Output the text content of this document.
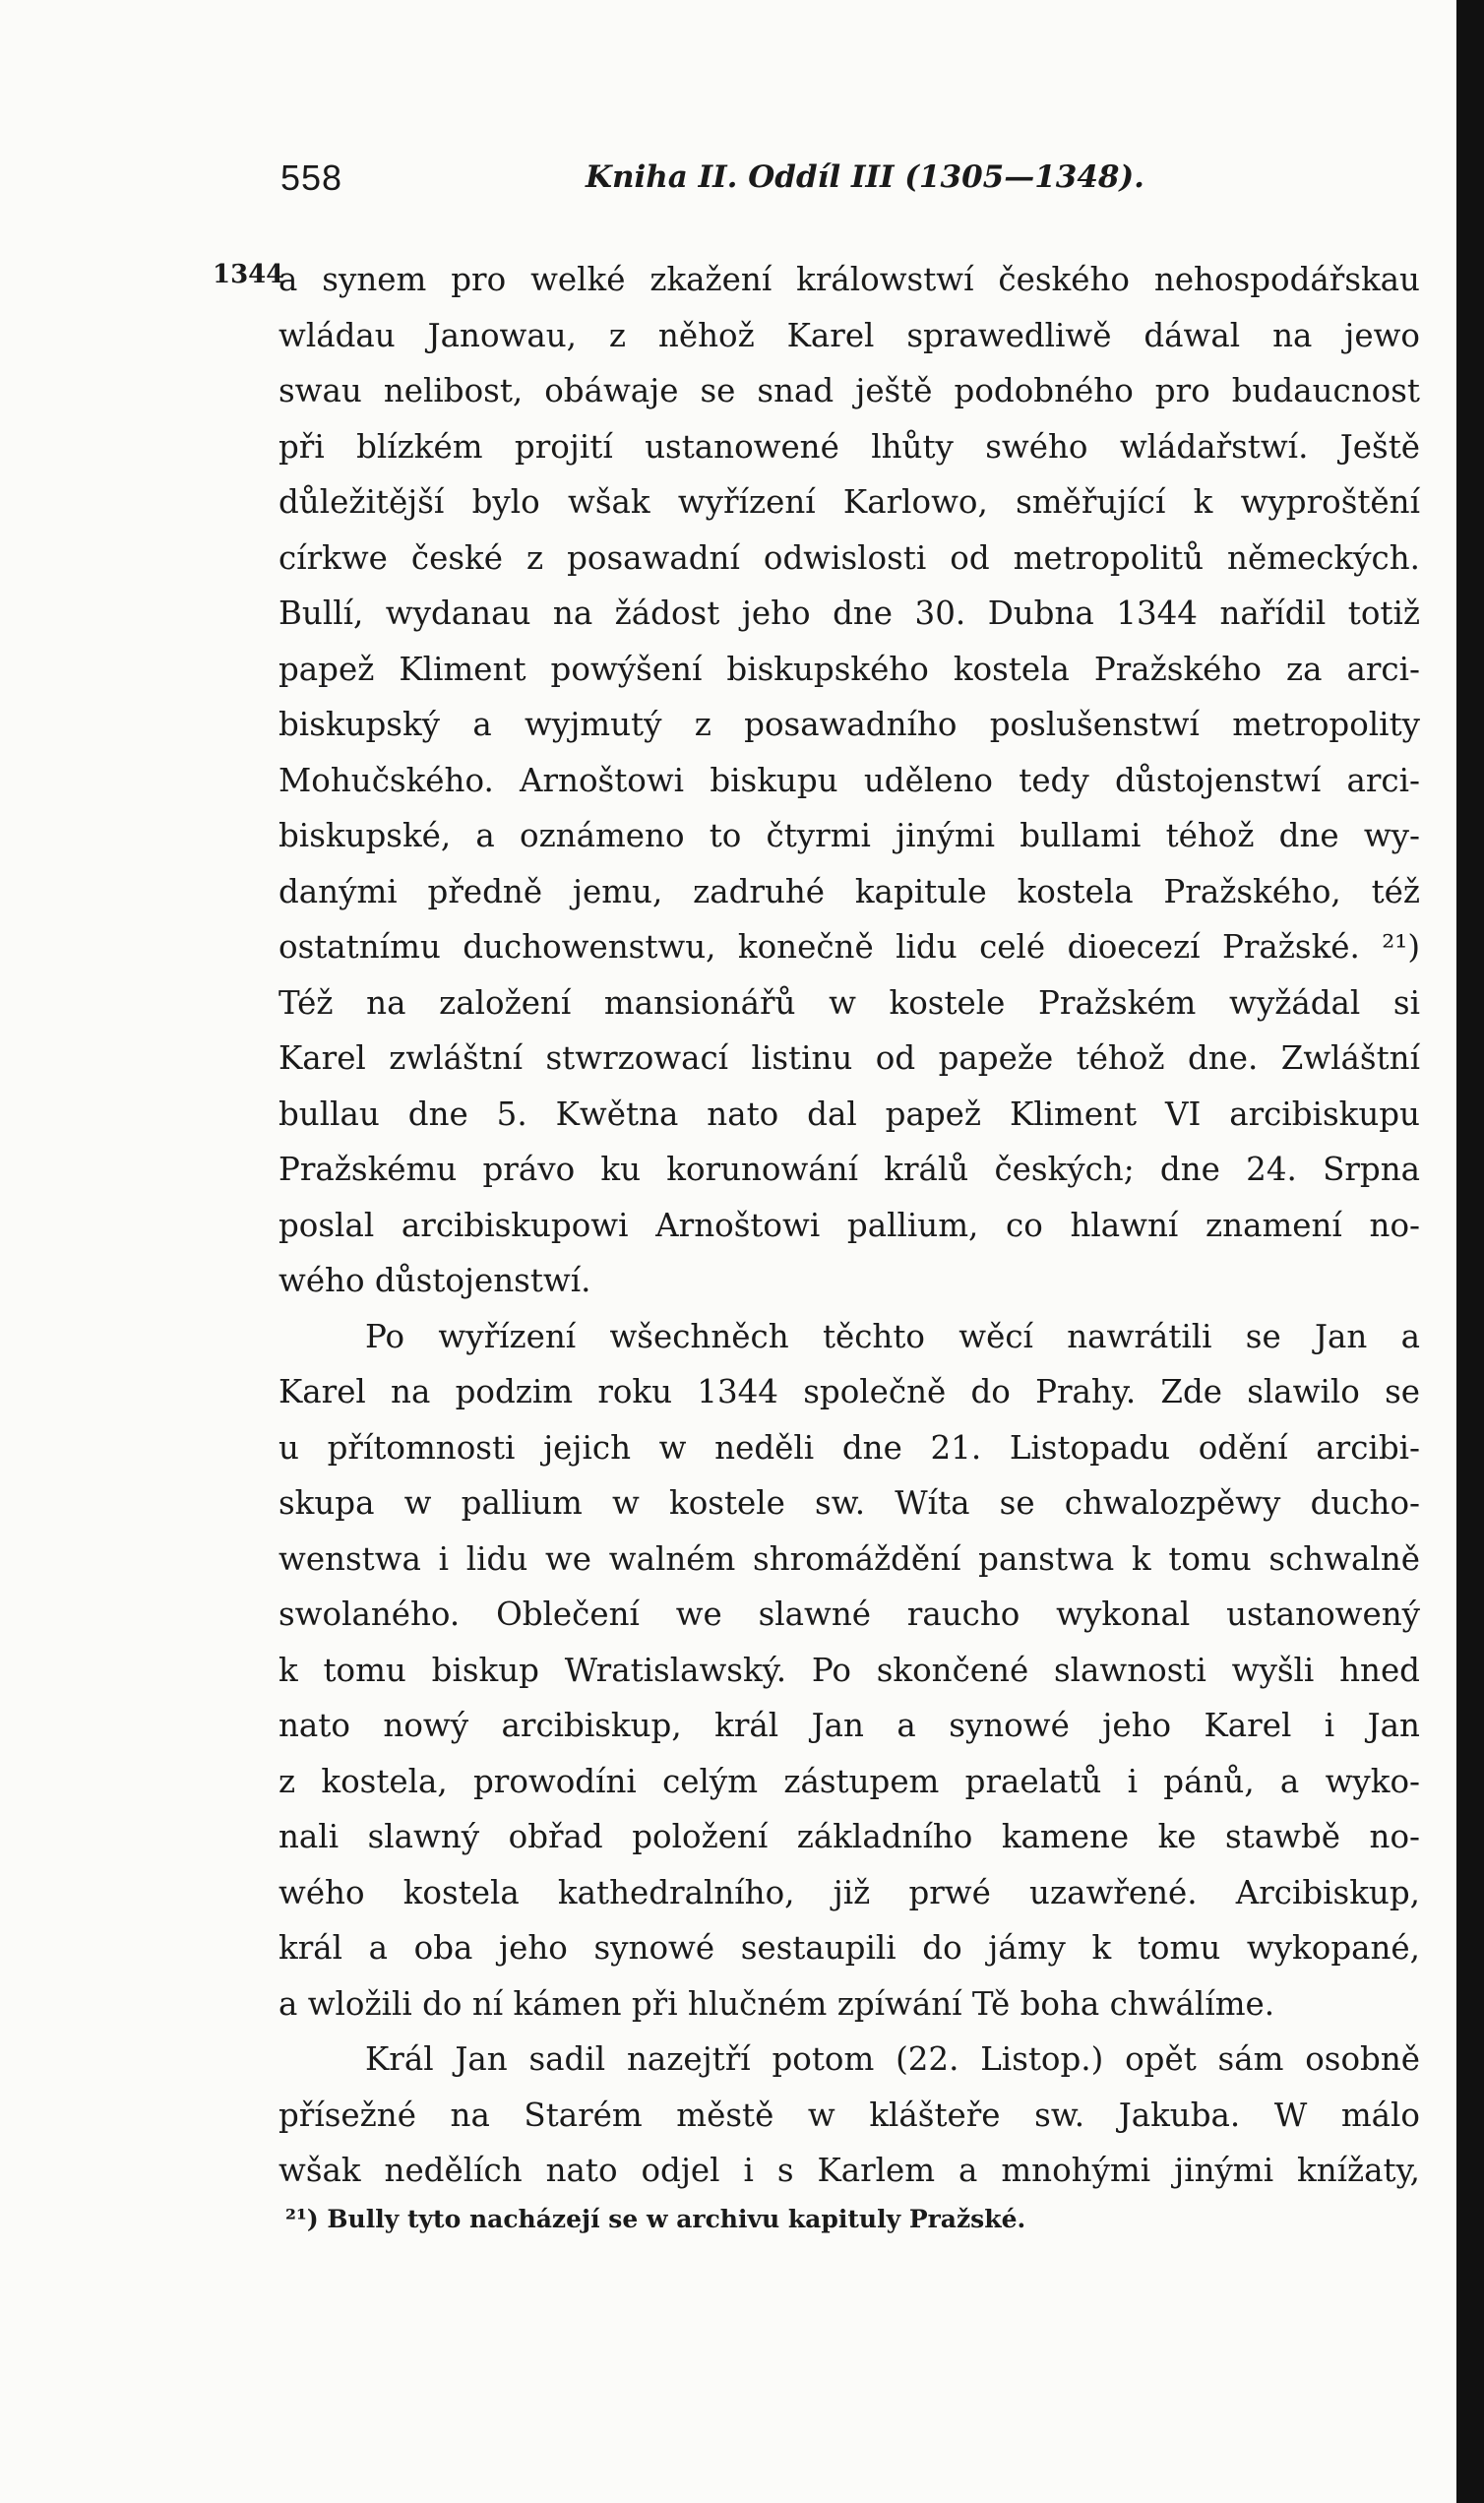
558	Kniha II. Oddíl III (1305—1348).
1344
a synem pro welké zkažení králowstwí českého nehospodářskau
wládau Janowau, z něhož Karel sprawedliwě dáwal na jewo
swau nelibost, obáwaje se snad ještě podobného pro budaucnost
při blízkém projití ustanowené lhůty swého wládařstwí. Ještě
důležitější bylo wšak wyřízení Karlowo, směřující k wyproštění
církwe české z posawadní odwislosti od metropolitů německých.
Bullí, wydanau na žádost jeho dne 30. Dubna 1344 nařídil totiž
papež Kliment powýšení biskupského kostela Pražského za arci-
biskupský a wyjmutý z posawadního poslušenstwí metropolity
Mohučského. Arnoštowi biskupu uděleno tedy důstojenstwí arci-
biskupské, a oznámeno to čtyrmi jinými bullami téhož dne wy-
danými předně jemu, zadruhé kapitule kostela Pražského, též
ostatnímu duchowenstwu, konečně lidu celé dioecezí Pražské. ²¹)
Též na založení mansionářů w kostele Pražském wyžádal si
Karel zwláštní stwrzowací listinu od papeže téhož dne. Zwláštní
bullau dne 5. Kwětna nato dal papež Kliment VI arcibiskupu
Pražskému právo ku korunowání králů českých; dne 24. Srpna
poslal arcibiskupowi Arnoštowi pallium, co hlawní znamení no-
wého důstojenstwí.
Po wyřízení wšechněch těchto wěcí nawrátili se Jan a
Karel na podzim roku 1344 společně do Prahy. Zde slawilo se
u přítomnosti jejich w neděli dne 21. Listopadu odění arcibi-
skupa w pallium w kostele sw. Wíta se chwalozpěwy ducho-
wenstwa i lidu we walném shromáždění panstwa k tomu schwalně
swolaného. Oblečení we slawné raucho wykonal ustanowený
k tomu biskup Wratislawský. Po skončené slawnosti wyšli hned
nato nowý arcibiskup, král Jan a synowé jeho Karel i Jan
z kostela, prowodíni celým zástupem praelatů i pánů, a wyko-
nali slawný obřad položení základního kamene ke stawbě no-
wého kostela kathedralního, již prwé uzawřené. Arcibiskup,
král a oba jeho synowé sestaupili do jámy k tomu wykopané,
a wložili do ní kámen při hlučném zpíwání Tě boha chwálíme.
Král Jan sadil nazejtří potom (22. Listop.) opět sám osobně
přísežné na Starém městě w klášteře sw. Jakuba. W málo
wšak nedělích nato odjel i s Karlem a mnohými jinými knížaty,
²¹) Bully tyto nacházejí se w archivu kapituly Pražské.
